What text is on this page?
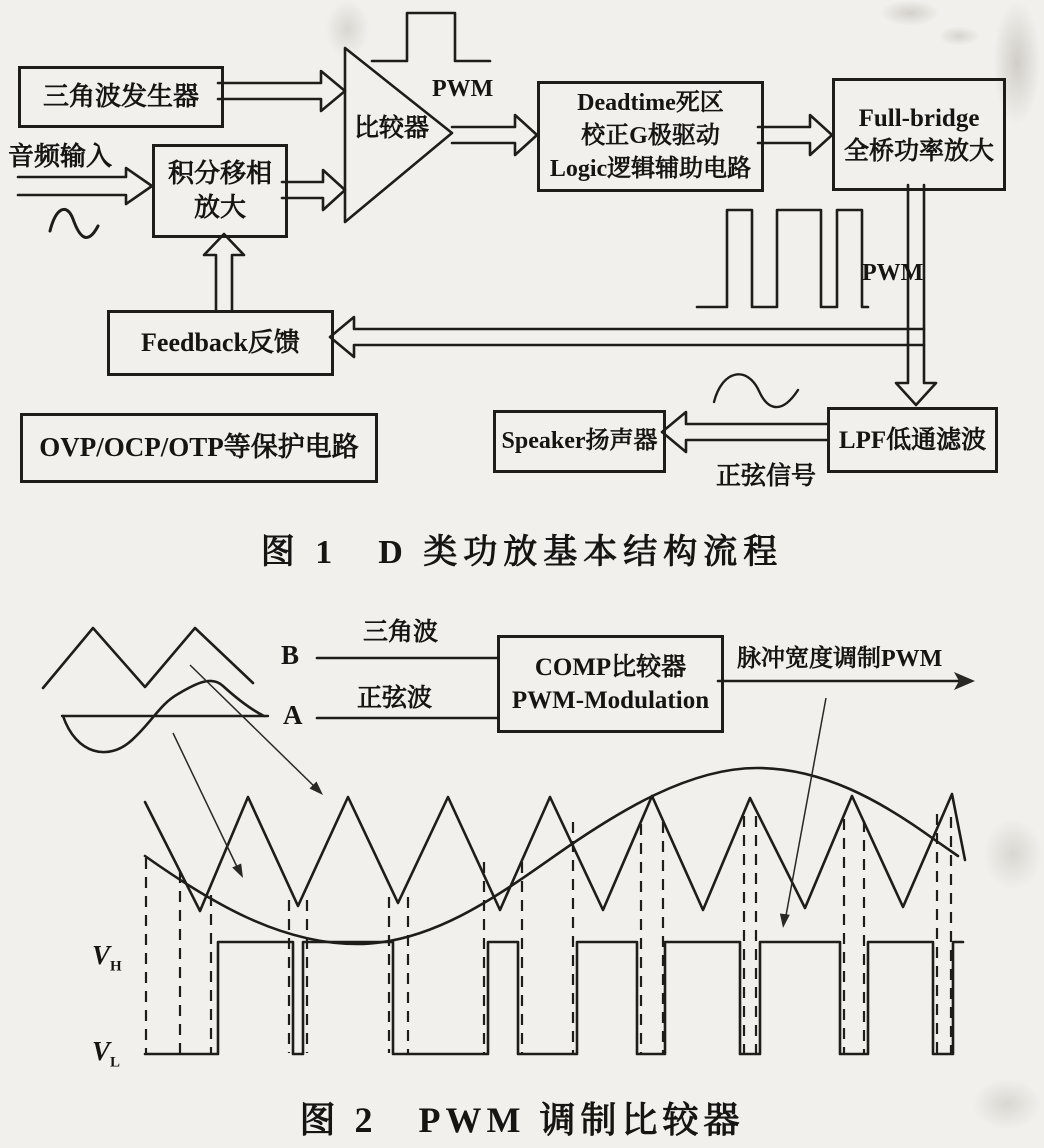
三角波发生器
积分移相
放大
Deadtime死区
校正G极驱动
Logic逻辑辅助电路
Full-bridge
全桥功率放大
Feedback反馈
OVP/OCP/OTP等保护电路	Speaker扬声器	LPF低通滤波
音频输入
比较器
PWM
PWM
正弦信号
图 1　D 类功放基本结构流程
B
A
三角波
正弦波
COMP比较器
PWM-Modulation
脉冲宽度调制PWM
$V_H$
$V_L$
图 2　PWM 调制比较器
